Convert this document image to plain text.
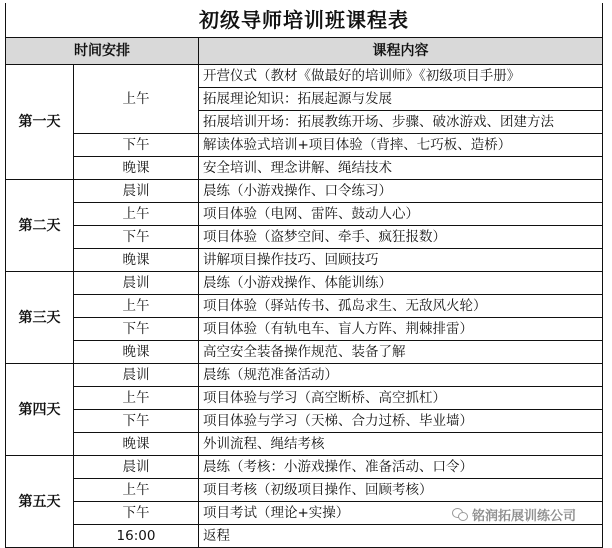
初级导师培训班课程表		
时间安排		课程内容
第一天	上午	开营仪式（教材《做最好的培训师》《初级项目手册》
		拓展理论知识：拓展起源与发展
		拓展培训开场：拓展教练开场、步骤、破冰游戏、团建方法
	下午	解读体验式培训+项目体验（背摔、七巧板、造桥）
	晚课	安全培训、理念讲解、绳结技术
第二天	晨训	晨练（小游戏操作、口令练习）
	上午	项目体验（电网、雷阵、鼓动人心）
	下午	项目体验（盗梦空间、牵手、疯狂报数）
	晚课	讲解项目操作技巧、回顾技巧
第三天	晨训	晨练（小游戏操作、体能训练）
	上午	项目体验（驿站传书、孤岛求生、无敌风火轮）
	下午	项目体验（有轨电车、盲人方阵、荆棘排雷）
	晚课	高空安全装备操作规范、装备了解
第四天	晨训	晨练（规范准备活动）
	上午	项目体验与学习（高空断桥、高空抓杠）
	下午	项目体验与学习（天梯、合力过桥、毕业墙）
	晚课	外训流程、绳结考核
第五天	晨训	晨练（考核：小游戏操作、准备活动、口令）
	上午	项目考核（初级项目操作、回顾考核）
	下午	项目考试（理论+实操）
	16:00	返程
铭润拓展训练公司
